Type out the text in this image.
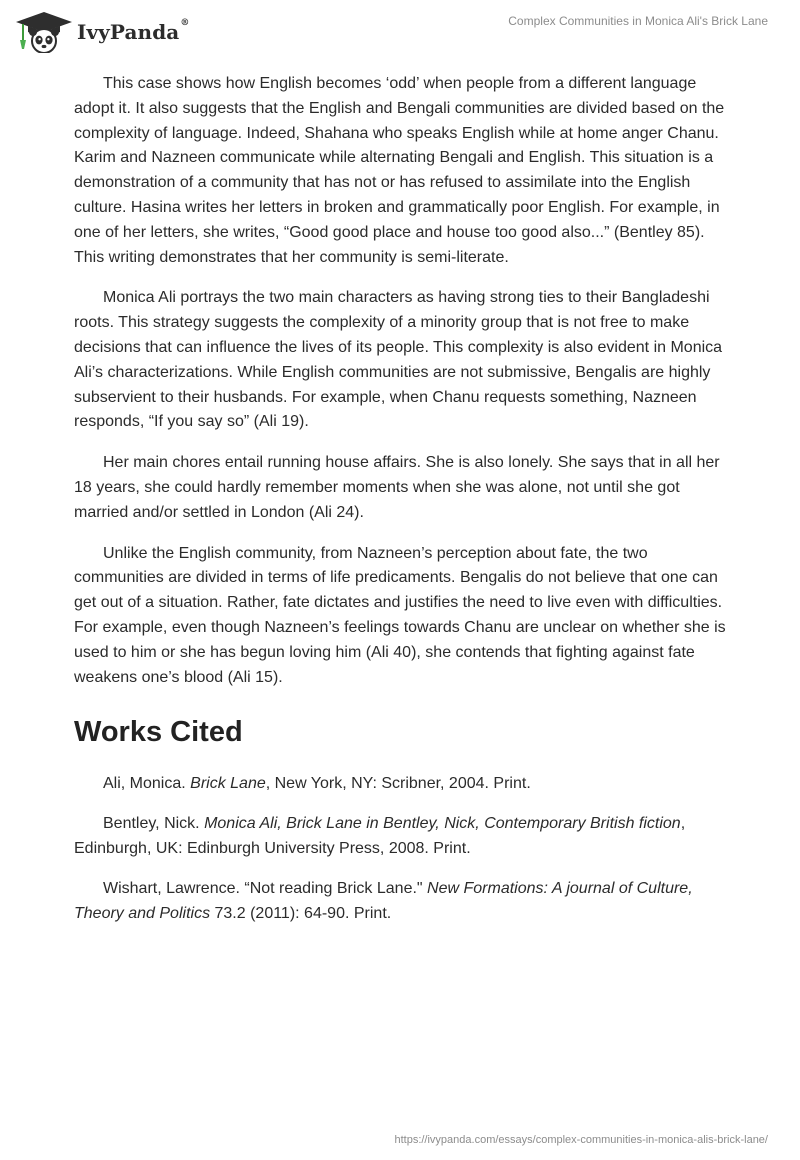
IvyPanda®	Complex Communities in Monica Ali's Brick Lane

This case shows how English becomes ‘odd’ when people from a different language adopt it. It also suggests that the English and Bengali communities are divided based on the complexity of language. Indeed, Shahana who speaks English while at home anger Chanu. Karim and Nazneen communicate while alternating Bengali and English. This situation is a demonstration of a community that has not or has refused to assimilate into the English culture. Hasina writes her letters in broken and grammatically poor English. For example, in one of her letters, she writes, “Good good place and house too good also...” (Bentley 85). This writing demonstrates that her community is semi-literate.

Monica Ali portrays the two main characters as having strong ties to their Bangladeshi roots. This strategy suggests the complexity of a minority group that is not free to make decisions that can influence the lives of its people. This complexity is also evident in Monica Ali’s characterizations. While English communities are not submissive, Bengalis are highly subservient to their husbands. For example, when Chanu requests something, Nazneen responds, “If you say so” (Ali 19).

Her main chores entail running house affairs. She is also lonely. She says that in all her 18 years, she could hardly remember moments when she was alone, not until she got married and/or settled in London (Ali 24).

Unlike the English community, from Nazneen’s perception about fate, the two communities are divided in terms of life predicaments. Bengalis do not believe that one can get out of a situation. Rather, fate dictates and justifies the need to live even with difficulties. For example, even though Nazneen’s feelings towards Chanu are unclear on whether she is used to him or she has begun loving him (Ali 40), she contends that fighting against fate weakens one’s blood (Ali 15).

Works Cited

Ali, Monica. Brick Lane, New York, NY: Scribner, 2004. Print.

Bentley, Nick. Monica Ali, Brick Lane in Bentley, Nick, Contemporary British fiction, Edinburgh, UK: Edinburgh University Press, 2008. Print.

Wishart, Lawrence. “Not reading Brick Lane." New Formations: A journal of Culture, Theory and Politics 73.2 (2011): 64-90. Print.

https://ivypanda.com/essays/complex-communities-in-monica-alis-brick-lane/
